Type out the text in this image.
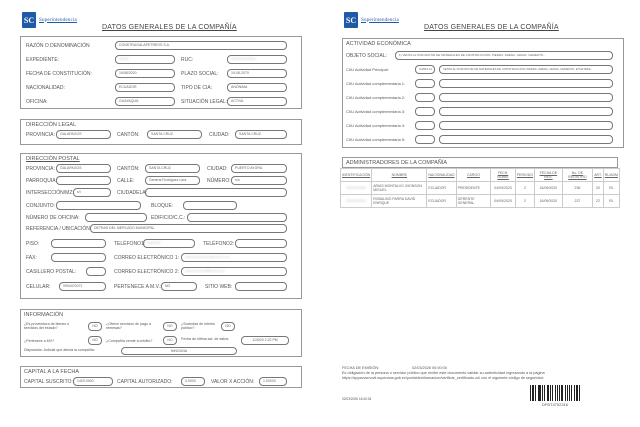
SC Superintendencia
DATOS GENERALES DE LA COMPAÑÍA
RAZÓN O DENOMINACIÓN	CONSTRUGALAPETREOS S.A.
EXPEDIENTE:	00000	RUC:	0000000000001
FECHA DE CONSTITUCIÓN:	19/08/2020	PLAZO SOCIAL:	19-08-2070
NACIONALIDAD:	ECUADOR	TIPO DE CIA:	ANÓNIMA
OFICINA:	GUAYAQUIL	SITUACIÓN LEGAL:	ACTIVA
DIRECCIÓN LEGAL
PROVINCIA:	GALAPAGOS	CANTÓN:	SANTA CRUZ	CIUDAD:	SANTA CRUZ
DIRECCIÓN POSTAL
PROVINCIA:	GALAPAGOS	CANTÓN:	SANTA CRUZ	CIUDAD:	PUERTO AYORA
PARROQUIA:	CALLE:	General Rodriguez Lara	NÚMERO:	s/n
INTERSECCIÓN/MZ: s/i	CIUDADELA:
CONJUNTO:	BLOQUE:
NÚMERO DE OFICINA:	EDIFICIO/C.C.:
REFERENCIA / UBICACIÓN: DETRAS DEL MERCADO MUNICIPAL
PISO:	TELÉFONO1: 0000000	TELÉFONO2:
FAX:	CORREO ELECTRÓNICO 1:	xxxxxxxxxxxxxxx@xxxxx.xxx
CASILLERO POSTAL:	CORREO ELECTRÓNICO 2:	xxxxxxxxxxxx@xxxxx.xxx
CELULAR:	0994470071	PERTENECE A M.V.:	NO	SITIO WEB:
INFORMACIÓN
¿Es proveedora de bienes o servicios del estado?	NO	¿Ofrece servicios de pago a remesas?	NO	¿Sociedad de interés público?	NO
¿Pertenece a MV?	NO	¿Compañía vende a crédito?	NO	Fecha de última act. de datos:	11/5/20 2:22 PM
Disposición Judicial que afecta la compañía:	NINGUNA
CAPITAL A LA FECHA
CAPITAL SUSCRITO:	1400.0000	CAPITAL AUTORIZADO:	0.0000	VALOR X ACCIÓN:	1.00000
SC Superintendencia
DATOS GENERALES DE LA COMPAÑÍA
ACTIVIDAD ECONÓMICA
OBJETO SOCIAL:	1) VENTA AL POR MAYOR DE MATERIALES DE CONSTRUCCION: PIEDRA, ARENA, GRAVA, CEMENTO...
CIIU Actividad Principal:	G4663.11	VENTA AL POR MAYOR DE MATERIALES DE CONSTRUCCION: PIEDRA, ARENA, GRAVA, CEMENTO, ETCETERA.
CIIU Actividad complementaria 1:
CIIU Actividad complementaria 2:
CIIU Actividad complementaria 3:
CIIU Actividad complementaria 4:
CIIU Actividad complementaria 5:
ADMINISTRADORES DE LA COMPAÑÍA
IDENTIFICACIÓN	NOMBRE	NACIONALIDAD	CARGO	FECH. NOMB.	PERIODO	FECHA DE REG.	No. DE REGISTRO	ART.	RL/ADM
0000000000	ARIAS MONTALVO JHONSON MIGUEL	ECUADOR	PRESIDENTE	04/09/2020	2	16/09/2020	236	20	RL
0000000000	ROBALINO PARRA DAVID ENRIQUE	ECUADOR	GERENTE GENERAL	04/09/2020	2	16/09/2020	237	22	RL
FECHA DE EMISIÓN:	02/03/2026 00:00:00
Es obligación de la persona o servidor público que recibe este documento validar su autenticidad ingresando a la página
https://appscvsmovil.supercias.gob.ec/portaldeinformacion/verificar_certificado.zul con el siguiente código de seguridad:
02/03/2026 16:40:34
DFBT4752316
